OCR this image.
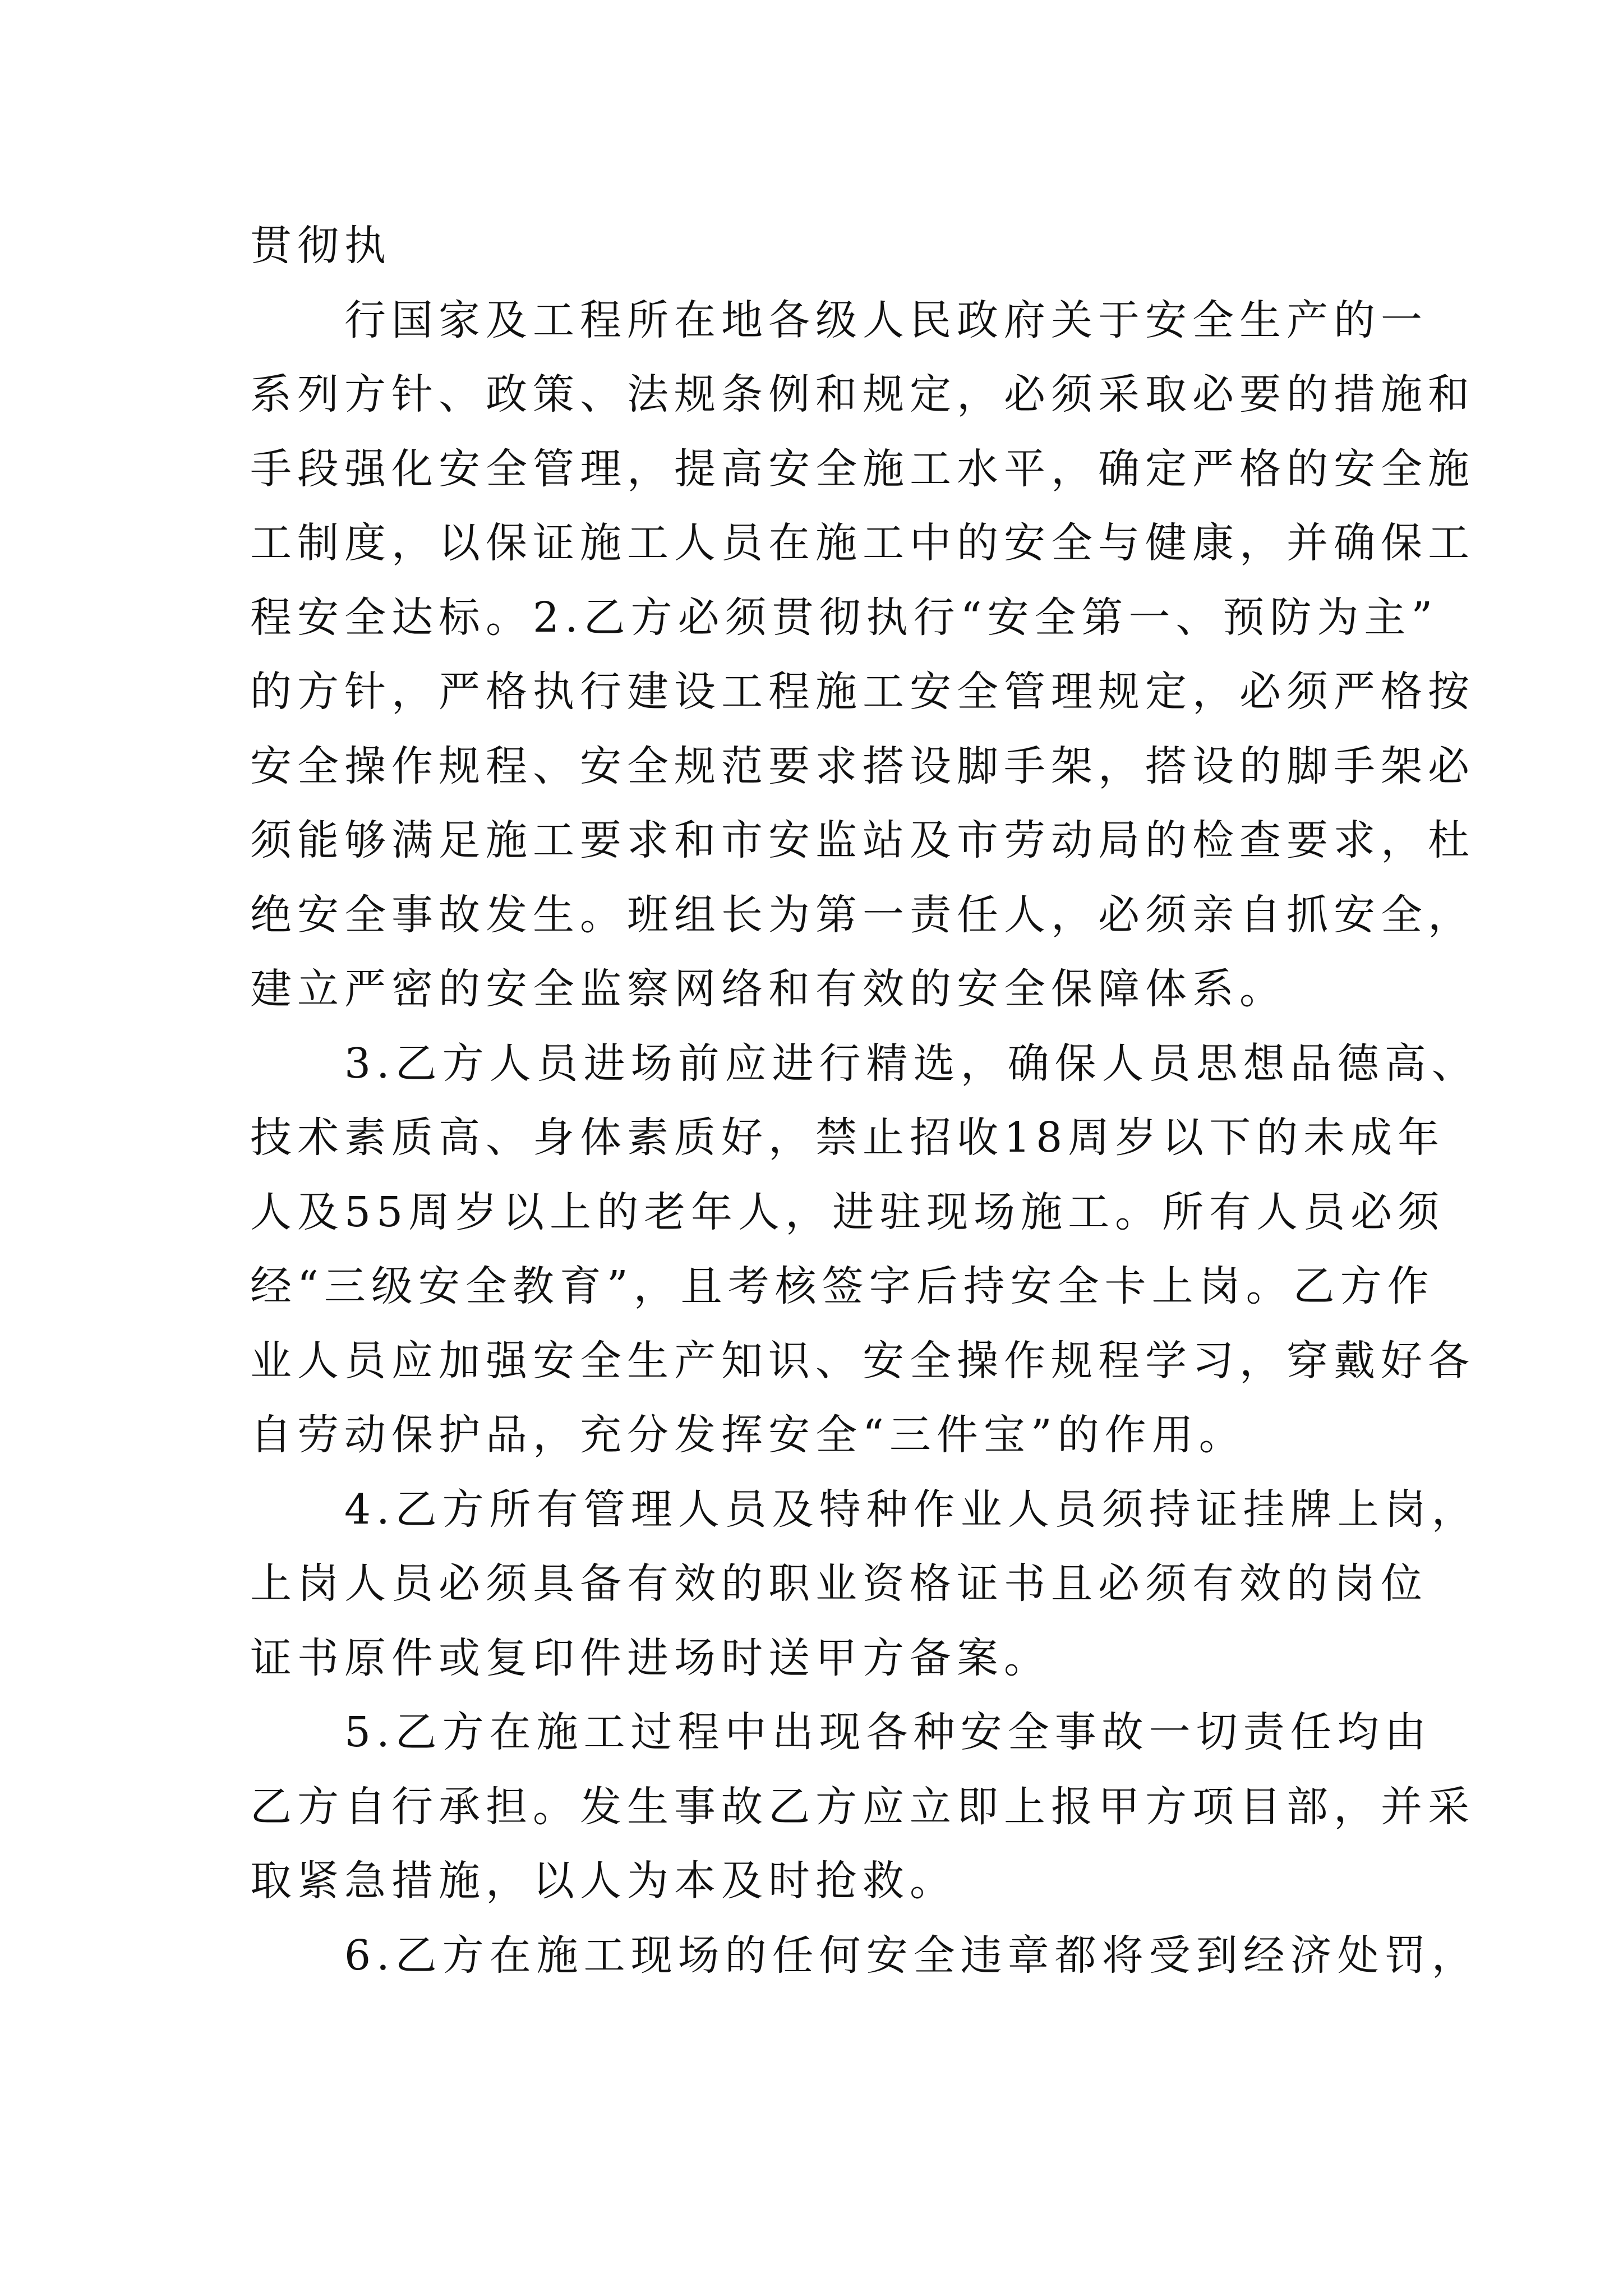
贯彻执
行国家及工程所在地各级人民政府关于安全生产的一
系列方针、政策、法规条例和规定，必须采取必要的措施和
手段强化安全管理，提高安全施工水平，确定严格的安全施
工制度，以保证施工人员在施工中的安全与健康，并确保工
程安全达标。2.乙方必须贯彻执行“安全第一、预防为主”
的方针，严格执行建设工程施工安全管理规定，必须严格按
安全操作规程、安全规范要求搭设脚手架，搭设的脚手架必
须能够满足施工要求和市安监站及市劳动局的检查要求，杜
绝安全事故发生。班组长为第一责任人，必须亲自抓安全，
建立严密的安全监察网络和有效的安全保障体系。
3.乙方人员进场前应进行精选，确保人员思想品德高、
技术素质高、身体素质好，禁止招收18周岁以下的未成年
人及55周岁以上的老年人，进驻现场施工。所有人员必须
经“三级安全教育”，且考核签字后持安全卡上岗。乙方作
业人员应加强安全生产知识、安全操作规程学习，穿戴好各
自劳动保护品，充分发挥安全“三件宝”的作用。
4.乙方所有管理人员及特种作业人员须持证挂牌上岗，
上岗人员必须具备有效的职业资格证书且必须有效的岗位
证书原件或复印件进场时送甲方备案。
5.乙方在施工过程中出现各种安全事故一切责任均由
乙方自行承担。发生事故乙方应立即上报甲方项目部，并采
取紧急措施，以人为本及时抢救。
6.乙方在施工现场的任何安全违章都将受到经济处罚，
